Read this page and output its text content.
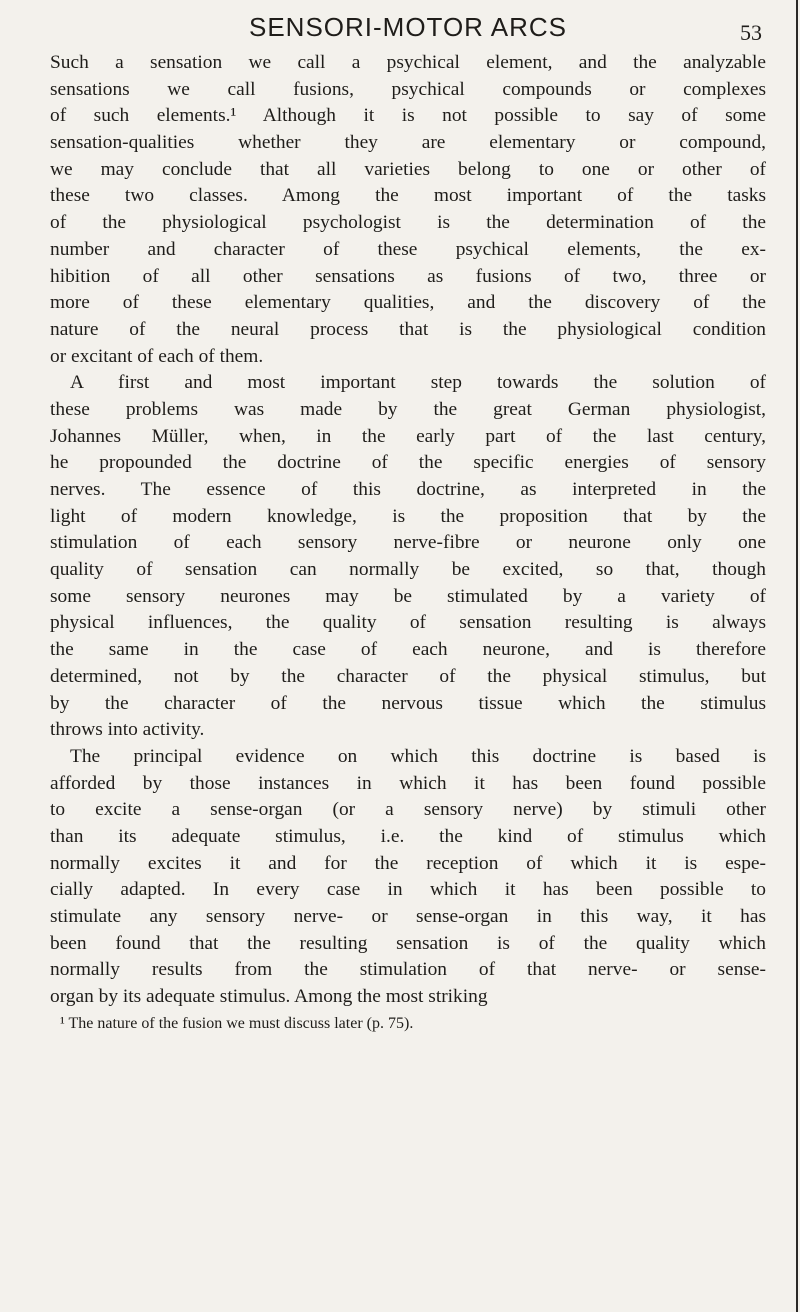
SENSORI-MOTOR ARCS	53

Such a sensation we call a psychical element, and the analyzable
sensations we call fusions, psychical compounds or complexes
of such elements.¹ Although it is not possible to say of some
sensation-qualities whether they are elementary or compound,
we may conclude that all varieties belong to one or other of
these two classes. Among the most important of the tasks
of the physiological psychologist is the determination of the
number and character of these psychical elements, the ex-
hibition of all other sensations as fusions of two, three or
more of these elementary qualities, and the discovery of the
nature of the neural process that is the physiological condition
or excitant of each of them.

A first and most important step towards the solution of
these problems was made by the great German physiologist,
Johannes Müller, when, in the early part of the last century,
he propounded the doctrine of the specific energies of sensory
nerves. The essence of this doctrine, as interpreted in the
light of modern knowledge, is the proposition that by the
stimulation of each sensory nerve-fibre or neurone only one
quality of sensation can normally be excited, so that, though
some sensory neurones may be stimulated by a variety of
physical influences, the quality of sensation resulting is always
the same in the case of each neurone, and is therefore
determined, not by the character of the physical stimulus, but
by the character of the nervous tissue which the stimulus
throws into activity.

The principal evidence on which this doctrine is based is
afforded by those instances in which it has been found possible
to excite a sense-organ (or a sensory nerve) by stimuli other
than its adequate stimulus, i.e. the kind of stimulus which
normally excites it and for the reception of which it is espe-
cially adapted. In every case in which it has been possible to
stimulate any sensory nerve- or sense-organ in this way, it has
been found that the resulting sensation is of the quality which
normally results from the stimulation of that nerve- or sense-
organ by its adequate stimulus. Among the most striking

¹ The nature of the fusion we must discuss later (p. 75).
